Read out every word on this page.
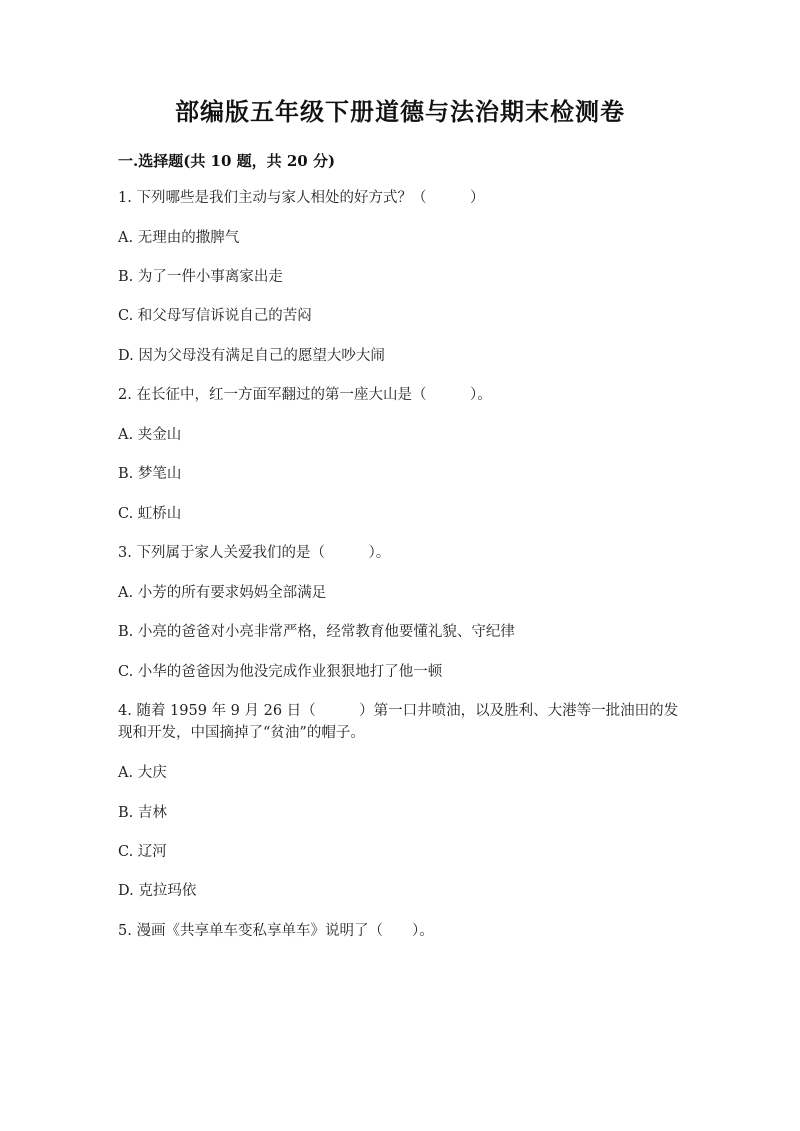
部编版五年级下册道德与法治期末检测卷
一.选择题(共 10 题，共 20 分)
1. 下列哪些是我们主动与家人相处的好方式？（　　　）
A. 无理由的撒脾气
B. 为了一件小事离家出走
C. 和父母写信诉说自己的苦闷
D. 因为父母没有满足自己的愿望大吵大闹
2. 在长征中，红一方面军翻过的第一座大山是（　　　）。
A. 夹金山
B. 梦笔山
C. 虹桥山
3. 下列属于家人关爱我们的是（　　　）。
A. 小芳的所有要求妈妈全部满足
B. 小亮的爸爸对小亮非常严格，经常教育他要懂礼貌、守纪律
C. 小华的爸爸因为他没完成作业狠狠地打了他一顿
4. 随着 1959 年 9 月 26 日（　　　）第一口井喷油，以及胜利、大港等一批油田的发现和开发，中国摘掉了“贫油”的帽子。
A. 大庆
B. 吉林
C. 辽河
D. 克拉玛依
5. 漫画《共享单车变私享单车》说明了（　　）。
